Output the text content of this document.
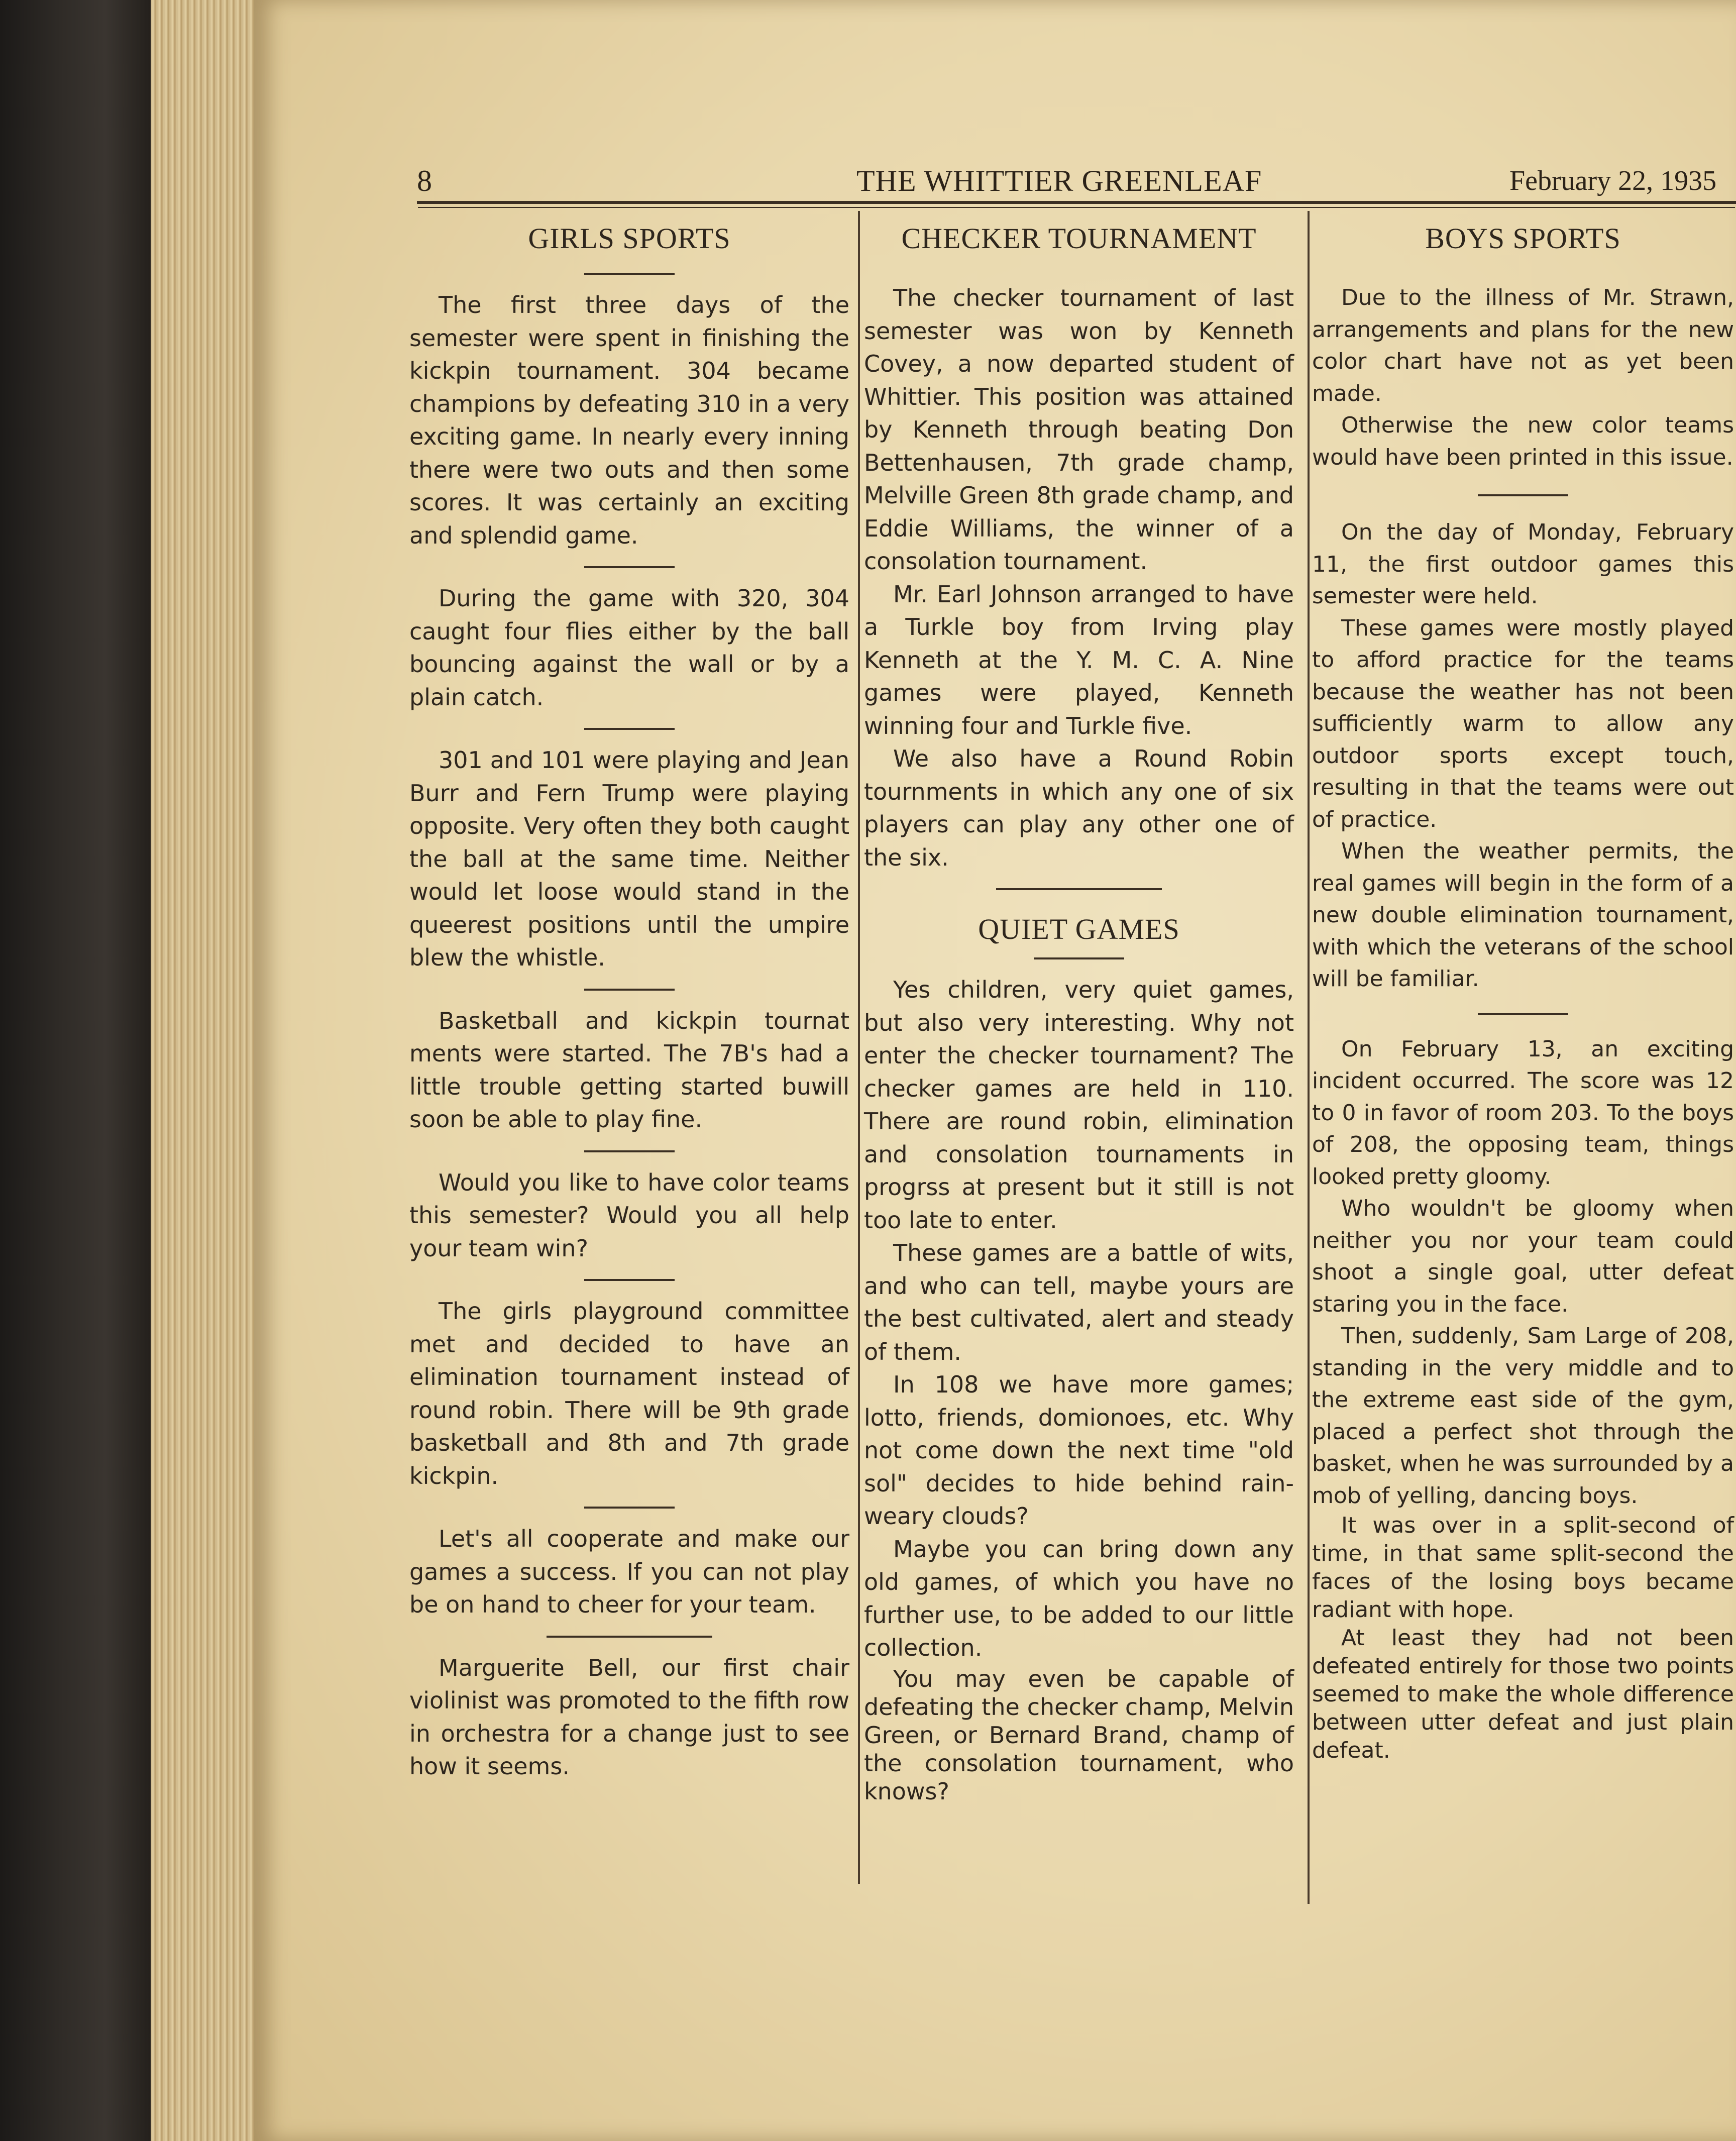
8	THE WHITTIER GREENLEAF	February 22, 1935
GIRLS SPORTS

The first three days of the semester were spent in finishing the kickpin tournament. 304 became champions by defeating 310 in a very exciting game. In nearly every inning there were two outs and then some scores. It was certainly an exciting and splendid game.

During the game with 320, 304 caught four flies either by the ball bouncing against the wall or by a plain catch.

301 and 101 were playing and Jean Burr and Fern Trump were playing opposite. Very often they both caught the ball at the same time. Neither would let loose would stand in the queerest positions until the umpire blew the whistle.

Basketball and kickpin tournat ments were started. The 7B's had a little trouble getting started buwill soon be able to play fine.

Would you like to have color teams this semester? Would you all help your team win?

The girls playground committee met and decided to have an elimination tournament instead of round robin. There will be 9th grade basketball and 8th and 7th grade kickpin.

Let's all cooperate and make our games a success. If you can not play be on hand to cheer for your team.

Marguerite Bell, our first chair violinist was promoted to the fifth row in orchestra for a change just to see how it seems.

CHECKER TOURNAMENT

The checker tournament of last semester was won by Kenneth Covey, a now departed student of Whittier. This position was attained by Kenneth through beating Don Bettenhausen, 7th grade champ, Melville Green 8th grade champ, and Eddie Williams, the winner of a consolation tournament.

Mr. Earl Johnson arranged to have a Turkle boy from Irving play Kenneth at the Y. M. C. A. Nine games were played, Kenneth winning four and Turkle five.

We also have a Round Robin tournments in which any one of six players can play any other one of the six.

QUIET GAMES

Yes children, very quiet games, but also very interesting. Why not enter the checker tournament? The checker games are held in 110. There are round robin, elimination and consolation tournaments in progrss at present but it still is not too late to enter.

These games are a battle of wits, and who can tell, maybe yours are the best cultivated, alert and steady of them.

In 108 we have more games; lotto, friends, domionoes, etc. Why not come down the next time "old sol" decides to hide behind rain-weary clouds?

Maybe you can bring down any old games, of which you have no further use, to be added to our little collection.

You may even be capable of defeating the checker champ, Melvin Green, or Bernard Brand, champ of the consolation tournament, who knows?

BOYS SPORTS

Due to the illness of Mr. Strawn, arrangements and plans for the new color chart have not as yet been made.

Otherwise the new color teams would have been printed in this issue.

On the day of Monday, February 11, the first outdoor games this semester were held.

These games were mostly played to afford practice for the teams because the weather has not been sufficiently warm to allow any outdoor sports except touch, resulting in that the teams were out of practice.

When the weather permits, the real games will begin in the form of a new double elimination tournament, with which the veterans of the school will be familiar.

On February 13, an exciting incident occurred. The score was 12 to 0 in favor of room 203. To the boys of 208, the opposing team, things looked pretty gloomy.

Who wouldn't be gloomy when neither you nor your team could shoot a single goal, utter defeat staring you in the face.

Then, suddenly, Sam Large of 208, standing in the very middle and to the extreme east side of the gym, placed a perfect shot through the basket, when he was surrounded by a mob of yelling, dancing boys.

It was over in a split-second of time, in that same split-second the faces of the losing boys became radiant with hope.

At least they had not been defeated entirely for those two points seemed to make the whole difference between utter defeat and just plain defeat.
